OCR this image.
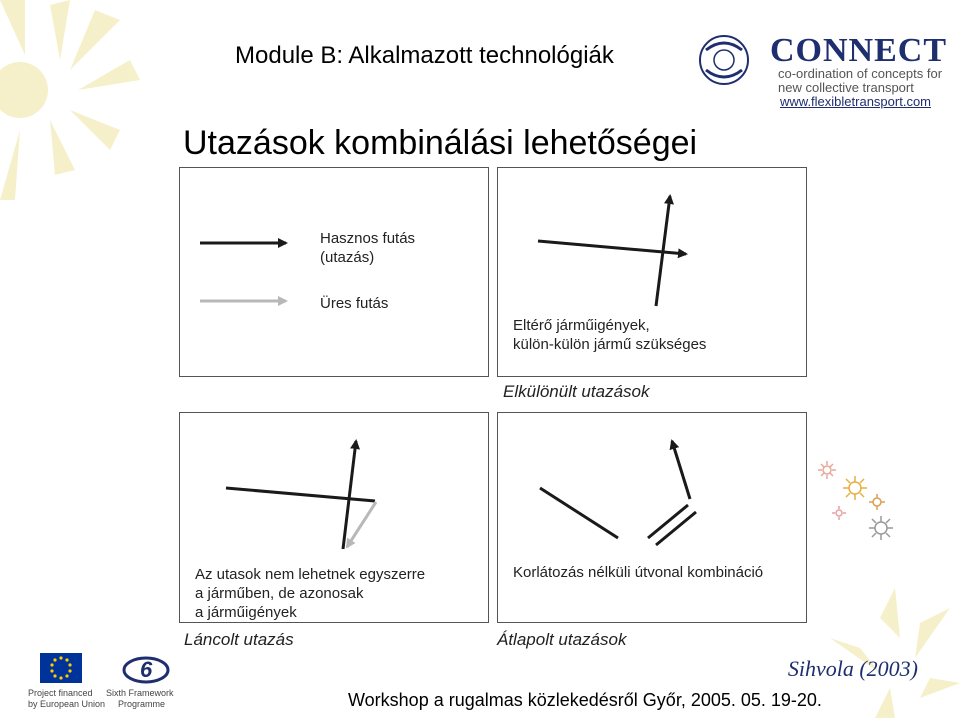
Module B: Alkalmazott technológiák	CONNECT
co-ordination of concepts for
new collective transport
www.flexibletransport.com
Utazások kombinálási lehetőségei
Hasznos futás
(utazás)
Üres futás
Eltérő járműigények,
külön-külön jármű szükséges
Elkülönült utazások
Az utasok nem lehetnek egyszerre
a járműben, de azonosak
a járműigények
Láncolt utazás
Korlátozás nélküli útvonal kombináció
Átlapolt utazások
Project financed
by European Union
6
Sixth Framework
Programme
Sihvola (2003)
Workshop a rugalmas közlekedésről Győr, 2005. 05. 19-20.
